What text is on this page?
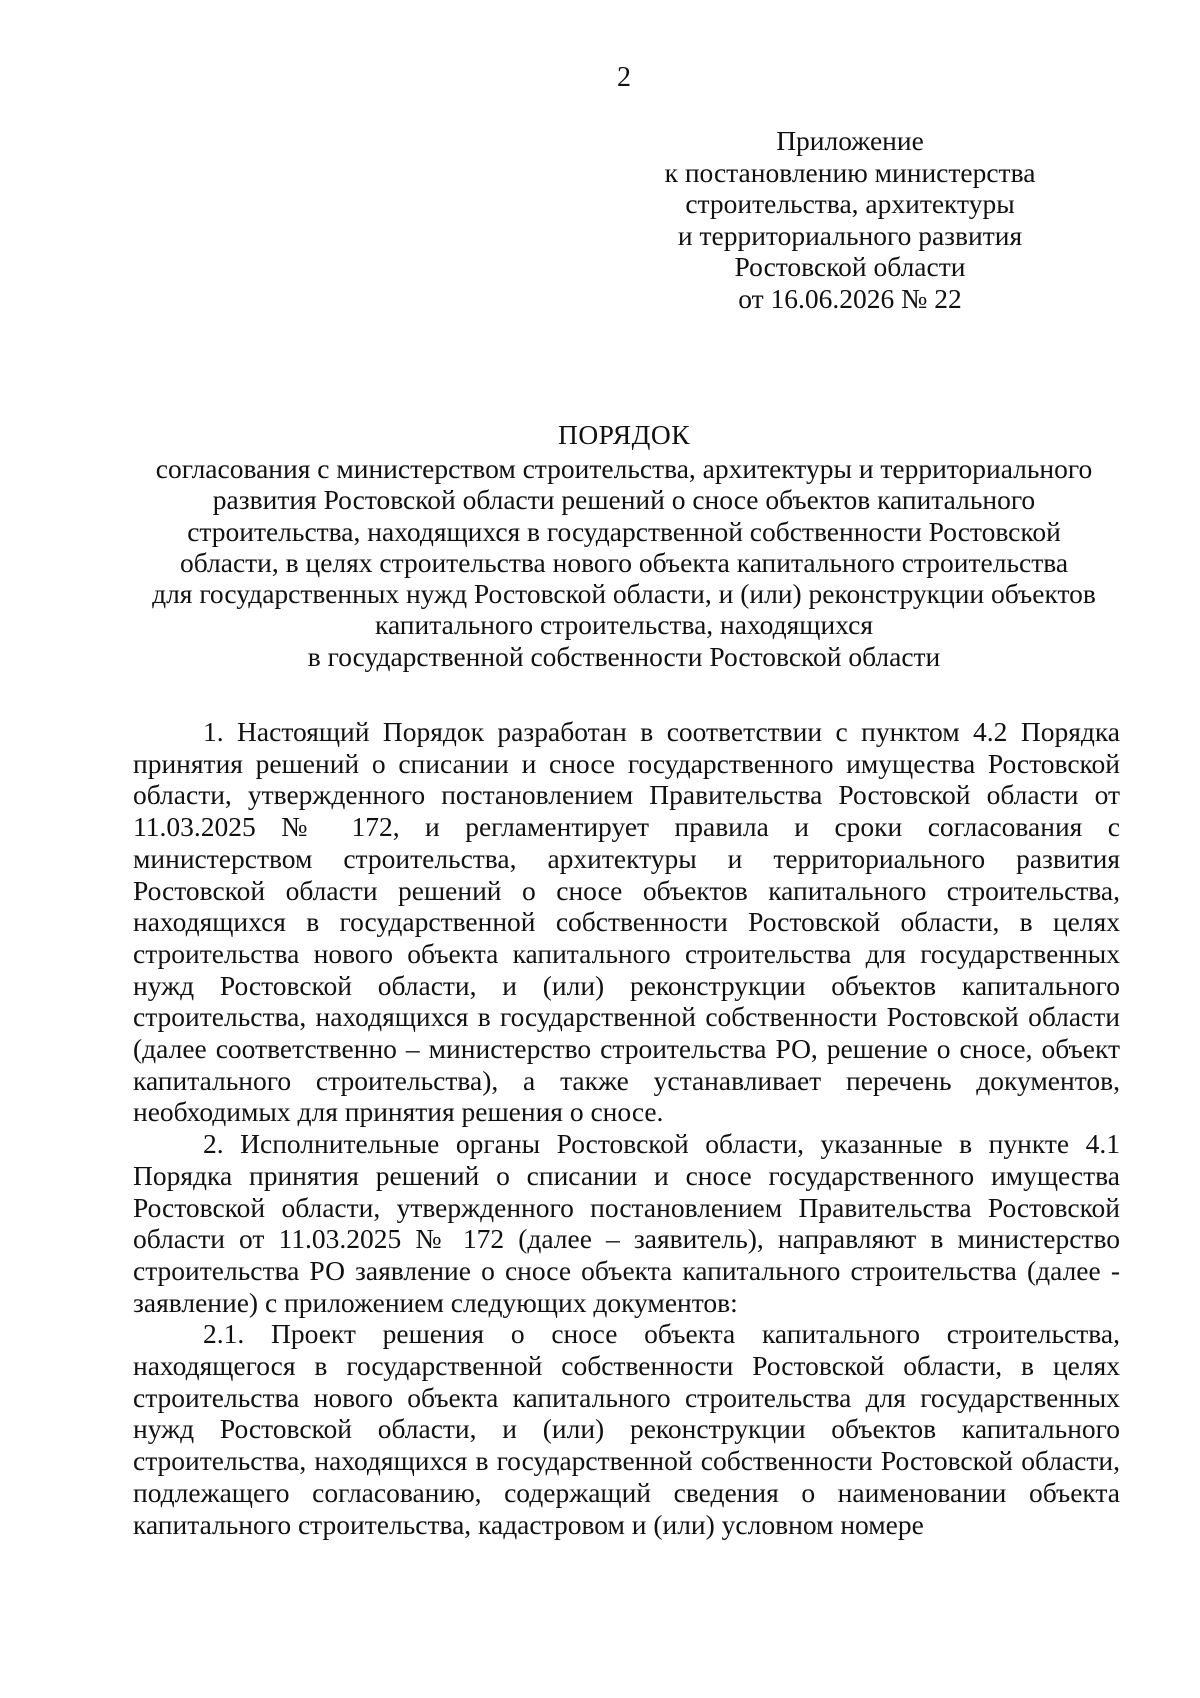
2
Приложение
к постановлению министерства
строительства, архитектуры
и территориального развития
Ростовской области
от 16.06.2026 № 22
ПОРЯДОК
согласования с министерством строительства, архитектуры и территориального
развития Ростовской области решений о сносе объектов капитального
строительства, находящихся в государственной собственности Ростовской
области, в целях строительства нового объекта капитального строительства
для государственных нужд Ростовской области, и (или) реконструкции объектов
капитального строительства, находящихся
в государственной собственности Ростовской области

1. Настоящий Порядок разработан в соответствии с пунктом 4.2 Порядка принятия решений о списании и сносе государственного имущества Ростовской области, утвержденного постановлением Правительства Ростовской области от 11.03.2025 № 172, и регламентирует правила и сроки согласования с министерством строительства, архитектуры и территориального развития Ростовской области решений о сносе объектов капитального строительства, находящихся в государственной собственности Ростовской области, в целях строительства нового объекта капитального строительства для государственных нужд Ростовской области, и (или) реконструкции объектов капитального строительства, находящихся в государственной собственности Ростовской области (далее соответственно – министерство строительства РО, решение о сносе, объект капитального строительства), а также устанавливает перечень документов, необходимых для принятия решения о сносе.

2. Исполнительные органы Ростовской области, указанные в пункте 4.1 Порядка принятия решений о списании и сносе государственного имущества Ростовской области, утвержденного постановлением Правительства Ростовской области от 11.03.2025 № 172 (далее – заявитель), направляют в министерство строительства РО заявление о сносе объекта капитального строительства (далее - заявление) с приложением следующих документов:

2.1. Проект решения о сносе объекта капитального строительства, находящегося в государственной собственности Ростовской области, в целях строительства нового объекта капитального строительства для государственных нужд Ростовской области, и (или) реконструкции объектов капитального строительства, находящихся в государственной собственности Ростовской области, подлежащего согласованию, содержащий сведения о наименовании объекта капитального строительства, кадастровом и (или) условном номере
